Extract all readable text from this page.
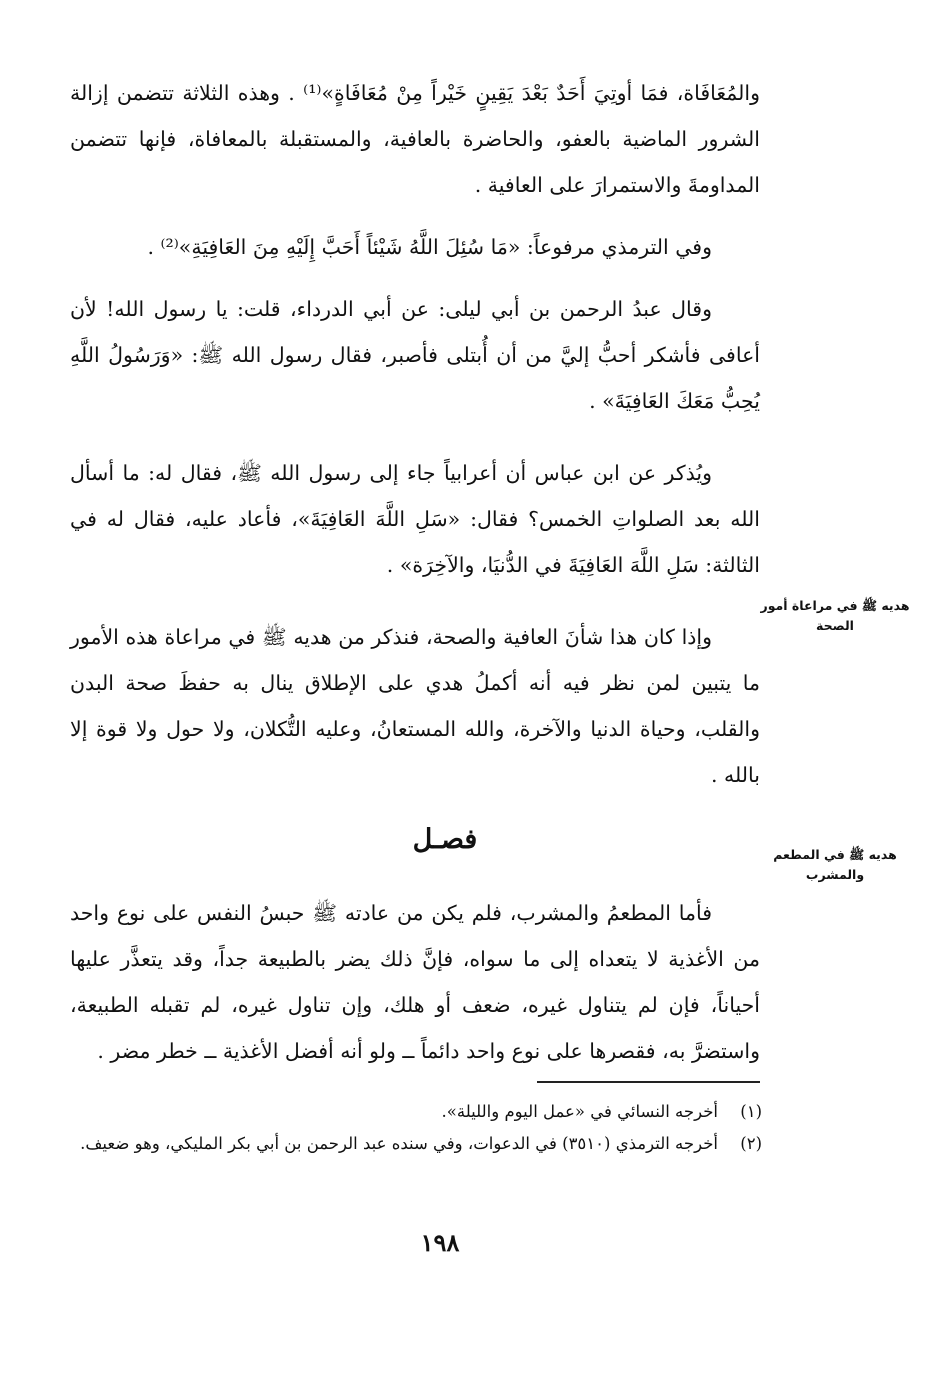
والمُعَافَاة، فمَا أوتِيَ أَحَدٌ بَعْدَ يَقِينٍ خَيْراً مِنْ مُعَافَاةٍ»⁽¹⁾ . وهذه الثلاثة تتضمن إزالة الشرور الماضية بالعفو، والحاضرة بالعافية، والمستقبلة بالمعافاة، فإنها تتضمن المداومةَ والاستمرارَ على العافية .

وفي الترمذي مرفوعاً: «مَا سُئِلَ اللَّهُ شَيْئاً أَحَبَّ إِلَيْهِ مِنَ العَافِيَةِ»⁽²⁾ .

وقال عبدُ الرحمن بن أبي ليلى: عن أبي الدرداء، قلت: يا رسول الله! لأن أعافى فأشكر أحبُّ إليَّ من أن أُبتلى فأصبر، فقال رسول الله ﷺ: «وَرَسُولُ اللَّهِ يُحِبُّ مَعَكَ العَافِيَةَ» .

ويُذكر عن ابن عباس أن أعرابياً جاء إلى رسول الله ﷺ، فقال له: ما أسأل الله بعد الصلواتِ الخمس؟ فقال: «سَلِ اللَّهَ العَافِيَةَ»، فأعاد عليه، فقال له في الثالثة: سَلِ اللَّهَ العَافِيَةَ في الدُّنيَا، والآخِرَة» .

وإذا كان هذا شأنَ العافية والصحة، فنذكر من هديه ﷺ في مراعاة هذه الأمور ما يتبين لمن نظر فيه أنه أكملُ هدي على الإطلاق ينال به حفظَ صحة البدن والقلب، وحياة الدنيا والآخرة، والله المستعانُ، وعليه التُّكلان، ولا حول ولا قوة إلا بالله .

فصـل

فأما المطعمُ والمشرب، فلم يكن من عادته ﷺ حبسُ النفس على نوع واحد من الأغذية لا يتعداه إلى ما سواه، فإنَّ ذلك يضر بالطبيعة جداً، وقد يتعذَّر عليها أحياناً، فإن لم يتناول غيره، ضعف أو هلك، وإن تناول غيره، لم تقبله الطبيعة، واستضرَّ به، فقصرها على نوع واحد دائماً ــ ولو أنه أفضل الأغذية ــ خطر مضر .

هديه ﷺ في مراعاة أمور الصحة
هديه ﷺ في المطعم والمشرب
(١)
أخرجه النسائي في «عمل اليوم والليلة».
(٢)
أخرجه الترمذي (٣٥١٠) في الدعوات، وفي سنده عبد الرحمن بن أبي بكر المليكي، وهو ضعيف.
١٩٨
